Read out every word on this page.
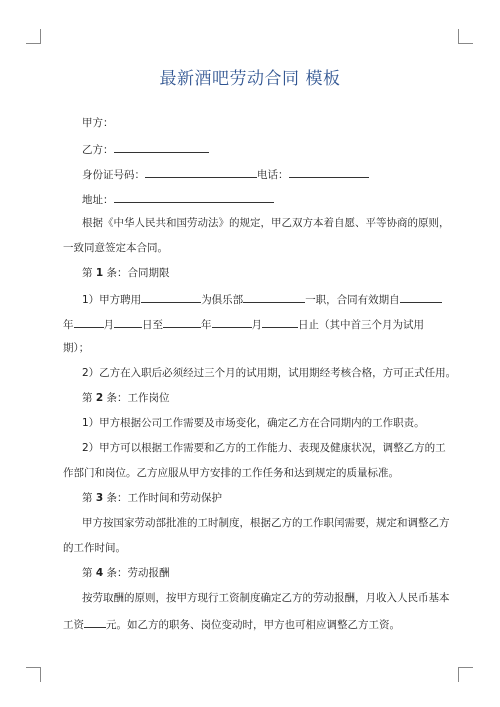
最新酒吧劳动合同 模板
甲方：
乙方：
身份证号码：	电话：
地址：
根据《中华人民共和国劳动法》的规定，甲乙双方本着自愿、平等协商的原则，
一致同意签定本合同。
第 1 条：合同期限
1）甲方聘用	为俱乐部	一职，合同有效期自
年	月	日至	年	月	日止（其中首三个月为试用
期）；
2）乙方在入职后必须经过三个月的试用期，试用期经考核合格，方可正式任用。
第 2 条：工作岗位
1）甲方根据公司工作需要及市场变化，确定乙方在合同期内的工作职责。
2）甲方可以根据工作需要和乙方的工作能力、表现及健康状况，调整乙方的工
作部门和岗位。乙方应服从甲方安排的工作任务和达到规定的质量标准。
第 3 条：工作时间和劳动保护
甲方按国家劳动部批准的工时制度，根据乙方的工作职闰需要，规定和调整乙方
的工作时间。
第 4 条：劳动报酬
按劳取酬的原则，按甲方现行工资制度确定乙方的劳动报酬，月收入人民币基本
工资 元。如乙方的职务、岗位变动时，甲方也可相应调整乙方工资。
